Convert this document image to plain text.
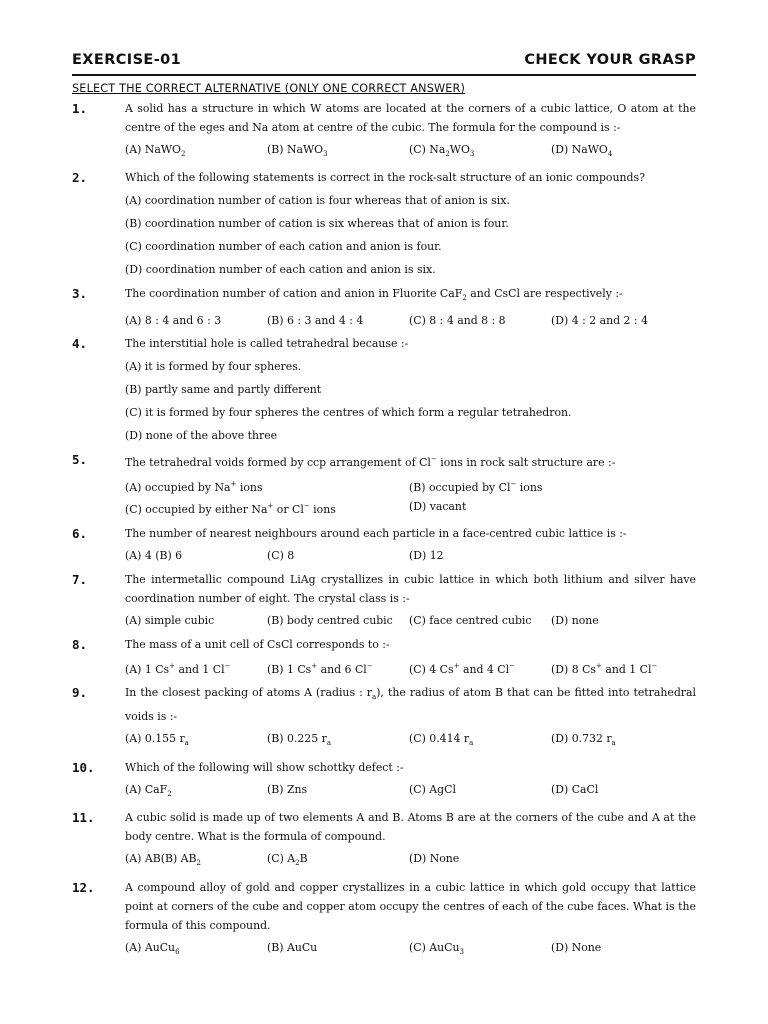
EXERCISE-01	CHECK YOUR GRASP
SELECT THE CORRECT ALTERNATIVE (ONLY ONE CORRECT ANSWER)
1.	A solid has a structure in which W atoms are located at the corners of a cubic lattice, O atom at the centre of the eges and Na atom at centre of the cubic. The formula for the compound is :-
(A) NaWO$_2$	(B) NaWO$_3$	(C) $Na_2WO_3$	(D) NaWO$_4$
2.	Which of the following statements is correct in the rock-salt structure of an ionic compounds?
(A) coordination number of cation is four whereas that of anion is six.
(B) coordination number of cation is six whereas that of anion is four.
(C) coordination number of each cation and anion is four.
(D) coordination number of each cation and anion is six.
3.	The coordination number of cation and anion in Fluorite CaF$_2$ and CsCl are respectively :-
(A) 8 : 4 and 6 : 3	(B) 6 : 3 and 4 : 4	(C) 8 : 4 and 8 : 8	(D) 4 : 2 and 2 : 4
4.	The interstitial hole is called tetrahedral because :-
(A) it is formed by four spheres.
(B) partly same and partly different
(C) it is formed by four spheres the centres of which form a regular tetrahedron.
(D) none of the above three
5.	The tetrahedral voids formed by ccp arrangement of Cl− ions in rock salt structure are :-
(A) occupied by Na+ ions	(B) occupied by Cl− ions
(C) occupied by either Na+ or Cl− ions	(D) vacant
6.	The number of nearest neighbours around each particle in a face-centred cubic lattice is :-
(A) 4 (B) 6	(C) 8	(D) 12
7.	The intermetallic compound LiAg crystallizes in cubic lattice in which both lithium and silver have coordination number of eight. The crystal class is :-
(A) simple cubic	(B) body centred cubic	(C) face centred cubic	(D) none
8.	The mass of a unit cell of CsCl corresponds to :-
(A) 1 Cs+ and 1 Cl−	(B) 1 Cs+ and 6 Cl−	(C) 4 Cs+ and 4 Cl−	(D) 8 Cs+ and 1 Cl−
9.	In the closest packing of atoms A (radius : $r_a$), the radius of atom B that can be fitted into tetrahedral voids is :-
(A) 0.155 $r_a$	(B) 0.225 $r_a$	(C) 0.414 $r_a$	(D) 0.732 $r_a$
10.	Which of the following will show schottky defect :-
(A) CaF$_2$	(B) Zns	(C) AgCl	(D) CaCl
11.	A cubic solid is made up of two elements A and B. Atoms B are at the corners of the cube and A at the body centre. What is the formula of compound.
(A) AB(B) $AB_2$	(C) $A_2B$	(D) None
12.	A compound alloy of gold and copper crystallizes in a cubic lattice in which gold occupy that lattice point at corners of the cube and copper atom occupy the centres of each of the cube faces. What is the formula of this compound.
(A) AuCu$_6$	(B) AuCu	(C) AuCu$_3$	(D) None
